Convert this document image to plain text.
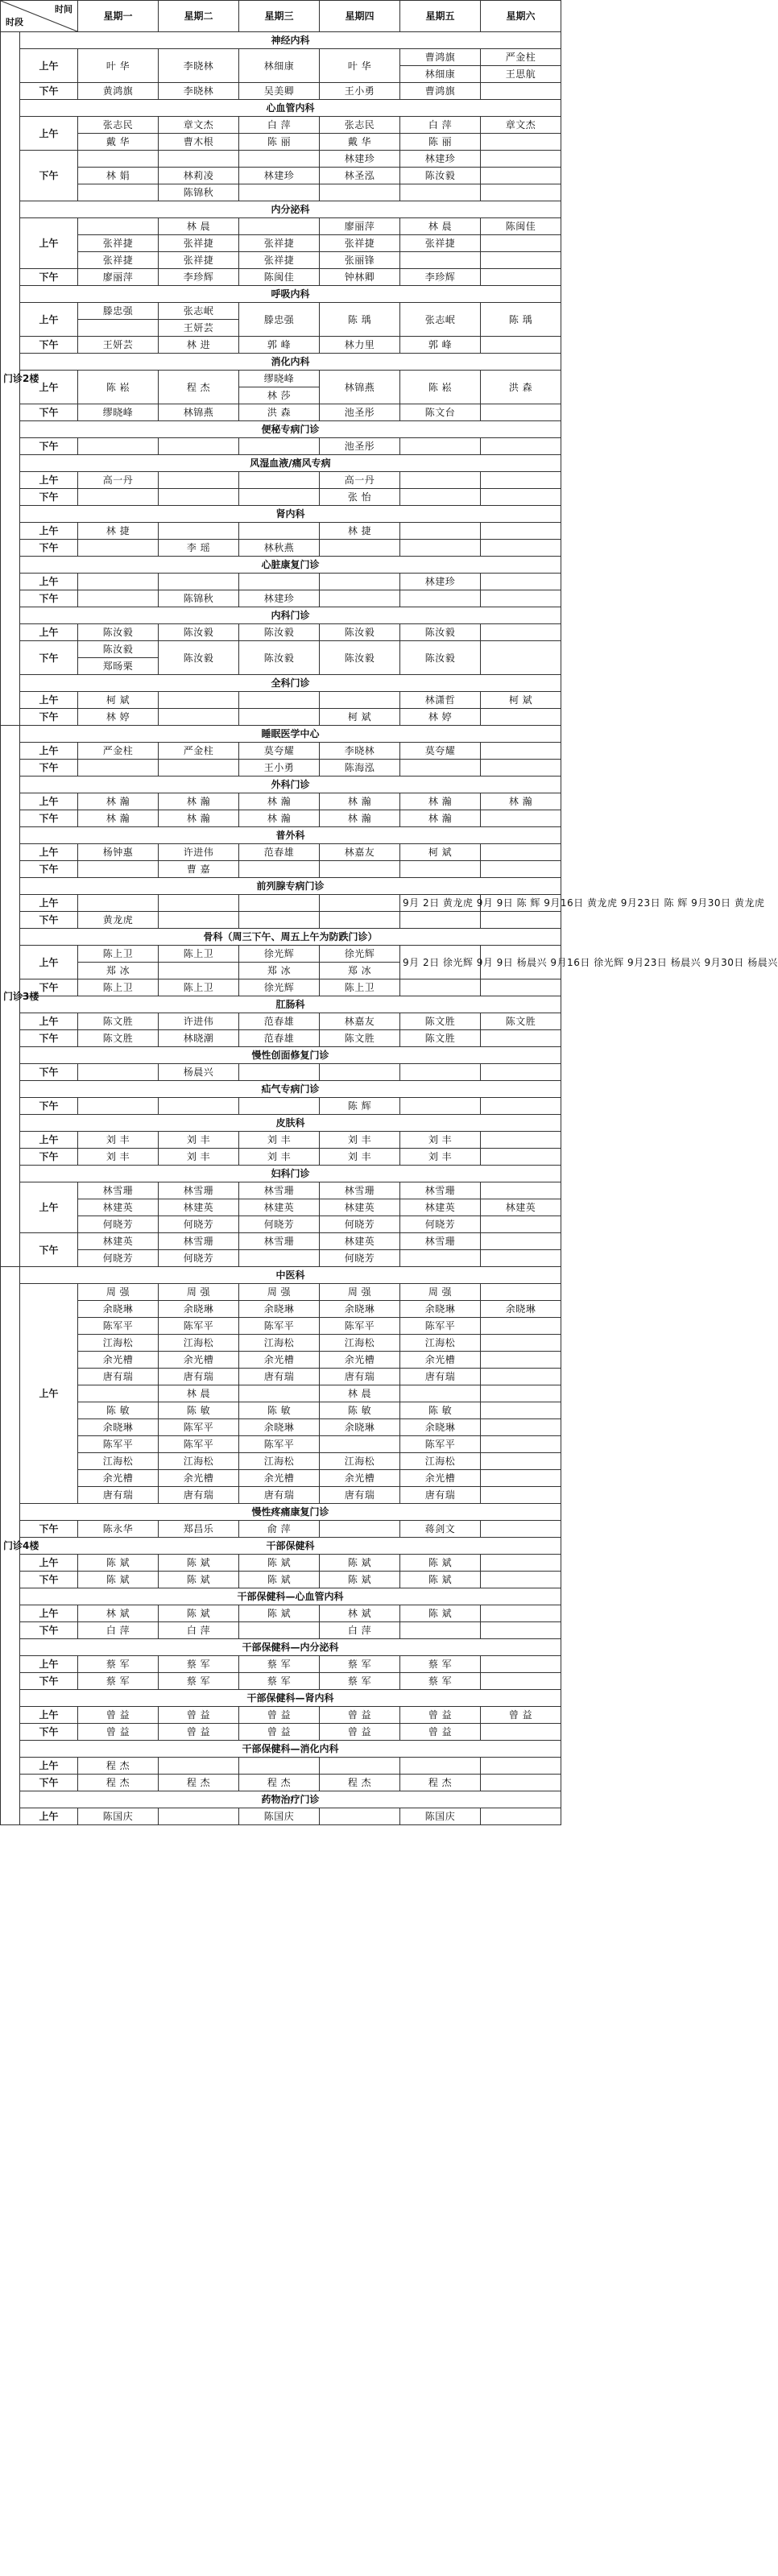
时间
时段		星期一	星期二	星期三	星期四	星期五	星期六
门诊2楼	神经内科						
	上午	叶 华	李晓林	林细康	叶 华	曹鸿旗	严金柱
						林细康	王思航
	下午	黄鸿旗	李晓林	吴美卿	王小勇	曹鸿旗	
	心血管内科						
	上午	张志民	章文杰	白 萍	张志民	白 萍	章文杰
		戴 华	曹木根	陈 丽	戴 华	陈 丽	
	下午				林建珍	林建珍	
		林 娟	林莉凌	林建珍	林圣泓	陈汝毅	
			陈锦秋				
	内分泌科						
	上午		林 晨		廖丽萍	林 晨	陈闽佳
		张祥捷	张祥捷	张祥捷	张祥捷	张祥捷	
		张祥捷	张祥捷	张祥捷	张丽锋		
	下午	廖丽萍	李珍辉	陈闽佳	钟林卿	李珍辉	
	呼吸内科						
	上午	滕忠强	张志岷	滕忠强	陈 瑀	张志岷	陈 瑀
			王妍芸				
	下午	王妍芸	林 进	郭 峰	林力里	郭 峰	
	消化内科						
	上午	陈 崧	程 杰	缪晓峰	林锦燕	陈 崧	洪 森
				林 莎			
	下午	缪晓峰	林锦燕	洪 森	池圣彤	陈文台	
	便秘专病门诊						
	下午				池圣彤		
	风湿血液/痛风专病						
	上午	高一丹			高一丹		
	下午				张 怡		
	肾内科						
	上午	林 捷			林 捷		
	下午		李 瑶	林秋燕			
	心脏康复门诊						
	上午					林建珍	
	下午		陈锦秋	林建珍			
	内科门诊						
	上午	陈汝毅	陈汝毅	陈汝毅	陈汝毅	陈汝毅	
	下午	陈汝毅	陈汝毅	陈汝毅	陈汝毅	陈汝毅	
		郑旸栗					
	全科门诊						
	上午	柯 斌				林潇哲	柯 斌
	下午	林 婷			柯 斌	林 婷	
门诊3楼	睡眠医学中心						
	上午	严金柱	严金柱	莫夸耀	李晓林	莫夸耀	
	下午			王小勇	陈海泓		
	外科门诊						
	上午	林 瀚	林 瀚	林 瀚	林 瀚	林 瀚	林 瀚
	下午	林 瀚	林 瀚	林 瀚	林 瀚	林 瀚	
	普外科						
	上午	杨钟惠	许进伟	范春雄	林嘉友	柯 斌	
	下午		曹 嘉				
	前列腺专病门诊						
	上午					9月 2日 黄龙虎 9月 9日 陈 辉 9月16日 黄龙虎 9月23日 陈 辉 9月30日 黄龙虎	
	下午	黄龙虎					
	骨科（周三下午、周五上午为防跌门诊）						
	上午	陈上卫	陈上卫	徐光辉	徐光辉	9月 2日 徐光辉 9月 9日 杨晨兴 9月16日 徐光辉 9月23日 杨晨兴 9月30日 杨晨兴	
		郑 冰		郑 冰	郑 冰		
	下午	陈上卫	陈上卫	徐光辉	陈上卫		
	肛肠科						
	上午	陈文胜	许进伟	范春雄	林嘉友	陈文胜	陈文胜
	下午	陈文胜	林晓潮	范春雄	陈文胜	陈文胜	
	慢性创面修复门诊						
	下午		杨晨兴				
	疝气专病门诊						
	下午				陈 辉		
	皮肤科						
	上午	刘 丰	刘 丰	刘 丰	刘 丰	刘 丰	
	下午	刘 丰	刘 丰	刘 丰	刘 丰	刘 丰	
	妇科门诊						
	上午	林雪珊	林雪珊	林雪珊	林雪珊	林雪珊	
		林建英	林建英	林建英	林建英	林建英	林建英
		何晓芳	何晓芳	何晓芳	何晓芳	何晓芳	
	下午	林建英	林雪珊	林雪珊	林建英	林雪珊	
		何晓芳	何晓芳		何晓芳		
门诊4楼	中医科						
	上午	周 强	周 强	周 强	周 强	周 强	
		余晓琳	余晓琳	余晓琳	余晓琳	余晓琳	余晓琳
		陈军平	陈军平	陈军平	陈军平	陈军平	
		江海松	江海松	江海松	江海松	江海松	
		余光槽	余光槽	余光槽	余光槽	余光槽	
		唐有瑞	唐有瑞	唐有瑞	唐有瑞	唐有瑞	
			林 晨		林 晨		
		陈 敏	陈 敏	陈 敏	陈 敏	陈 敏	
		余晓琳	陈军平	余晓琳	余晓琳	余晓琳	
		陈军平	陈军平	陈军平		陈军平	
		江海松	江海松	江海松	江海松	江海松	
		余光槽	余光槽	余光槽	余光槽	余光槽	
		唐有瑞	唐有瑞	唐有瑞	唐有瑞	唐有瑞	
	慢性疼痛康复门诊						
	下午	陈永华	郑昌乐	俞 萍		蒋剑文	
	干部保健科						
	上午	陈 斌	陈 斌	陈 斌	陈 斌	陈 斌	
	下午	陈 斌	陈 斌	陈 斌	陈 斌	陈 斌	
	干部保健科—心血管内科						
	上午	林 斌	陈 斌	陈 斌	林 斌	陈 斌	
	下午	白 萍	白 萍		白 萍		
	干部保健科—内分泌科						
	上午	蔡 军	蔡 军	蔡 军	蔡 军	蔡 军	
	下午	蔡 军	蔡 军	蔡 军	蔡 军	蔡 军	
	干部保健科—肾内科						
	上午	曾 益	曾 益	曾 益	曾 益	曾 益	曾 益
	下午	曾 益	曾 益	曾 益	曾 益	曾 益	
	干部保健科—消化内科						
	上午	程 杰					
	下午	程 杰	程 杰	程 杰	程 杰	程 杰	
	药物治疗门诊						
	上午	陈国庆		陈国庆		陈国庆	
